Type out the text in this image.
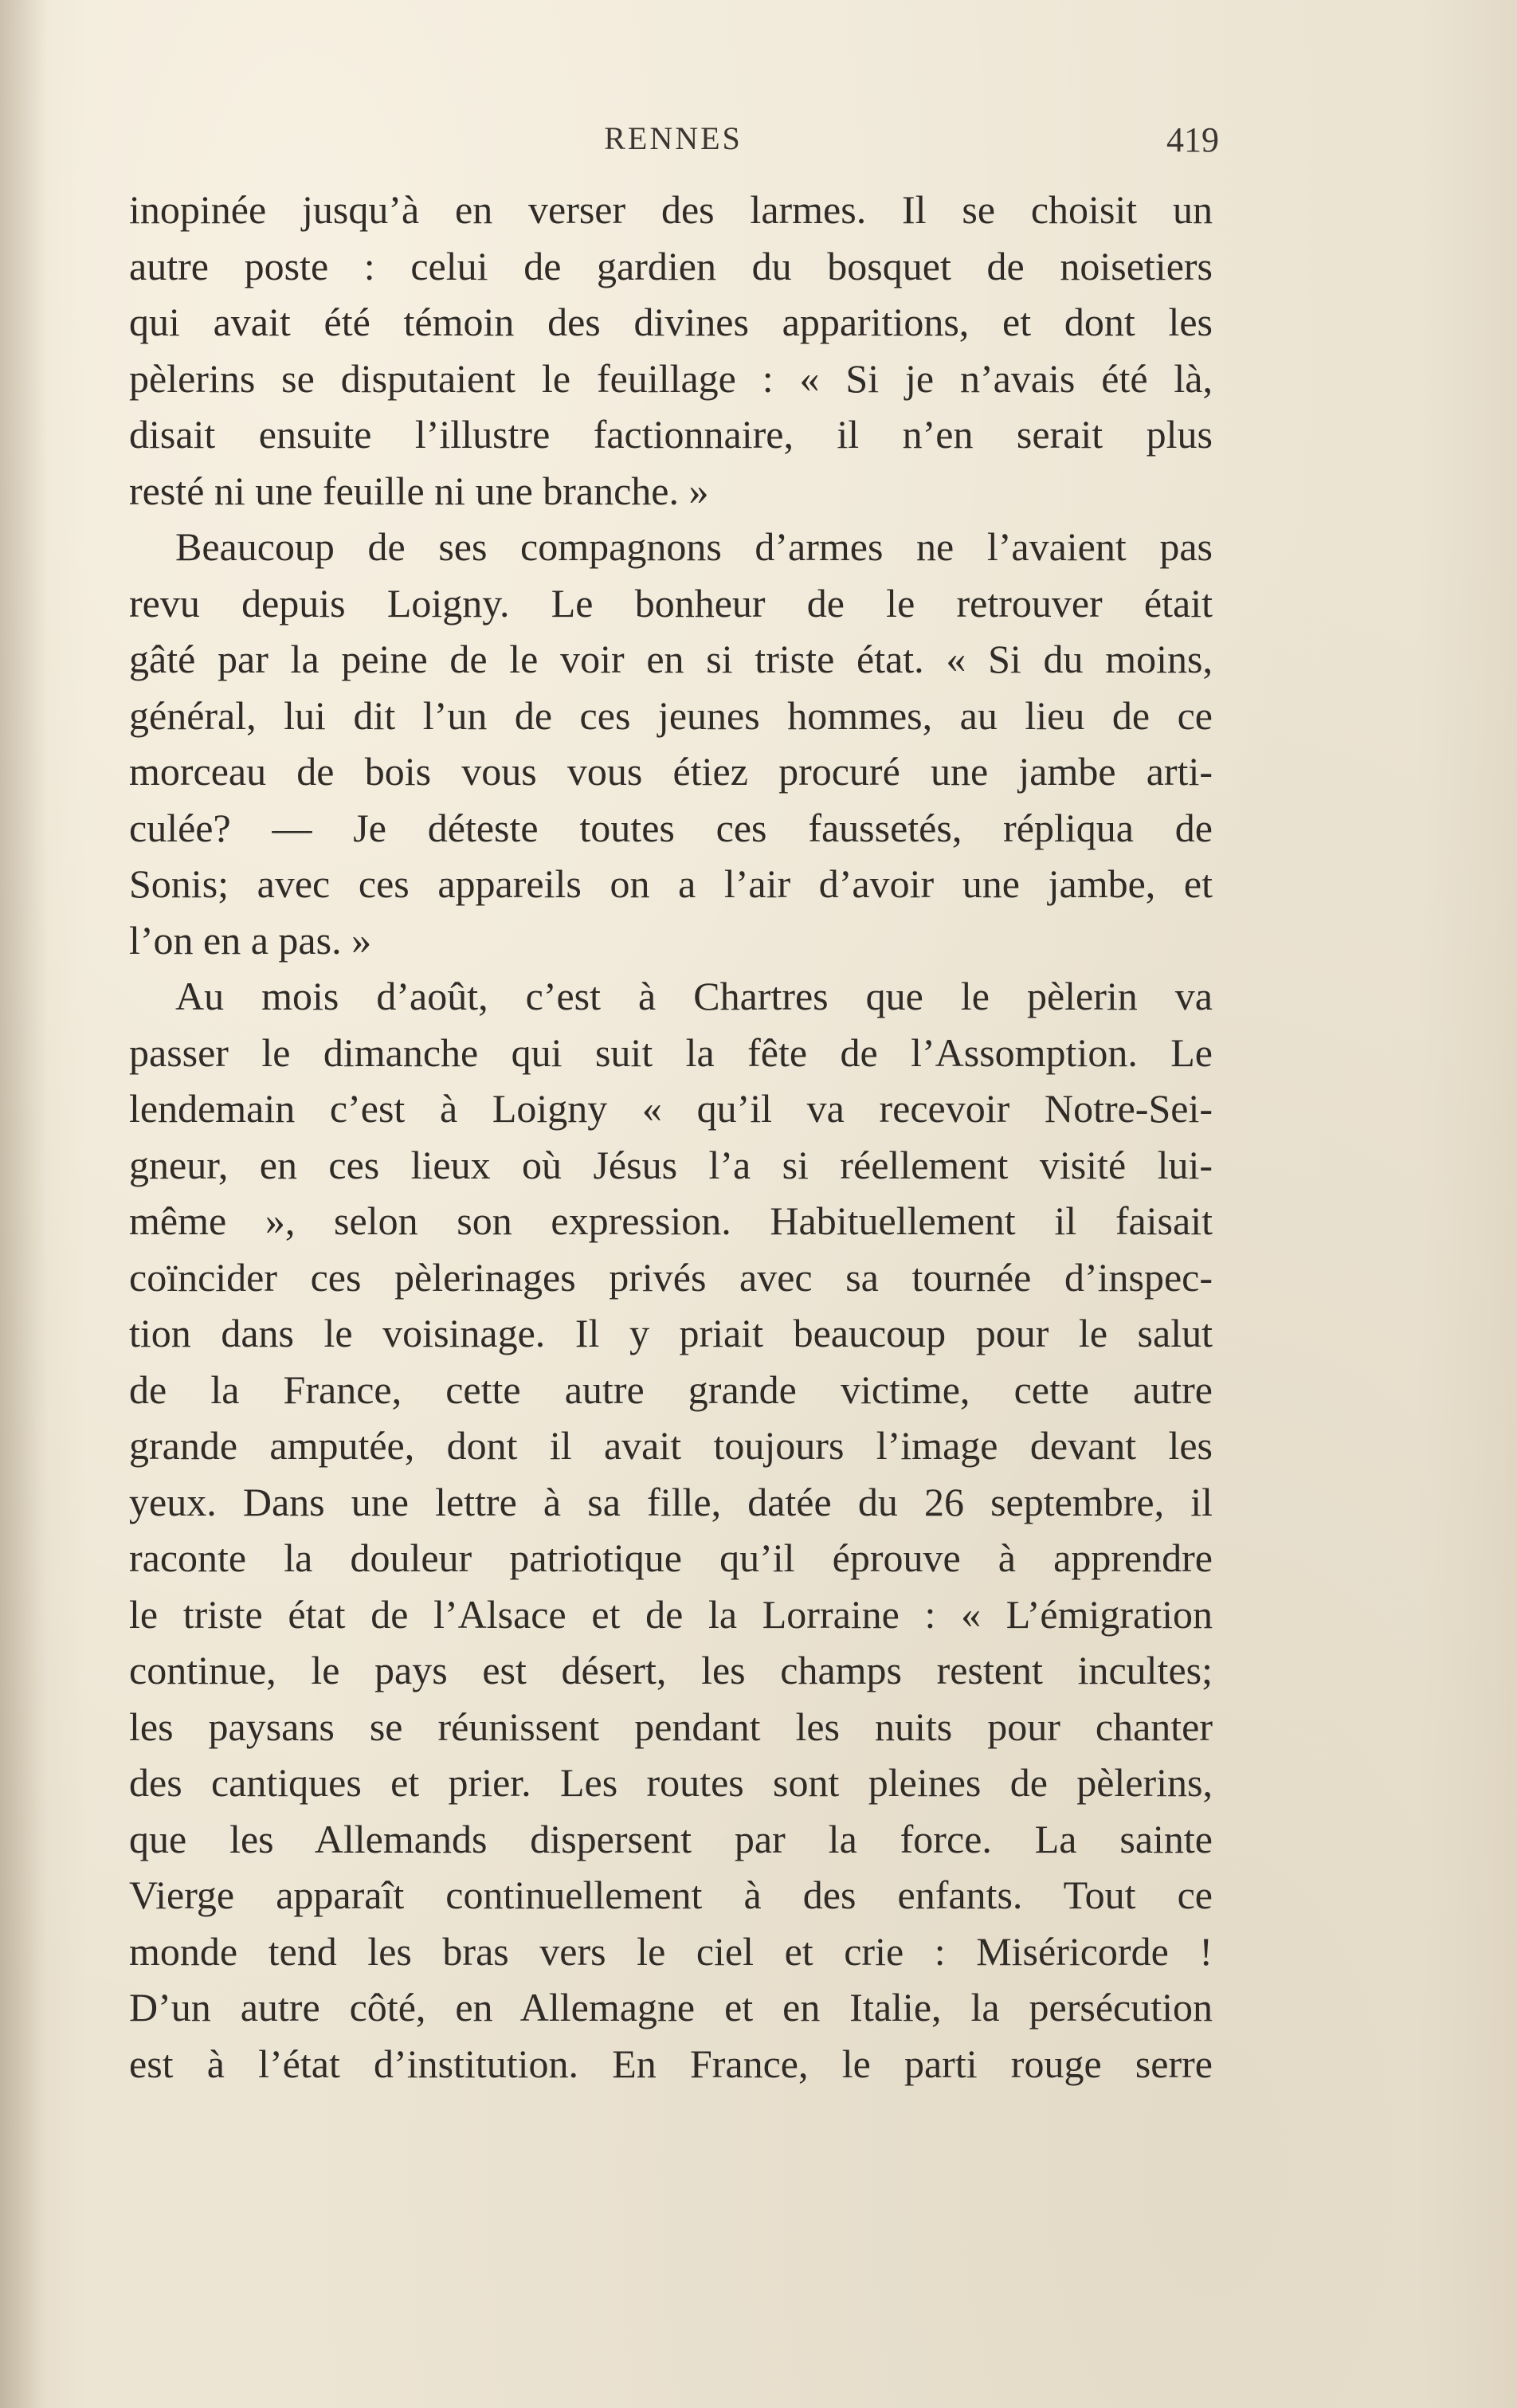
RENNES	419
inopinée jusqu’à en verser des larmes. Il se choisit un
autre poste : celui de gardien du bosquet de noisetiers
qui avait été témoin des divines apparitions, et dont les
pèlerins se disputaient le feuillage : « Si je n’avais été là,
disait ensuite l’illustre factionnaire, il n’en serait plus
resté ni une feuille ni une branche. »
Beaucoup de ses compagnons d’armes ne l’avaient pas
revu depuis Loigny. Le bonheur de le retrouver était
gâté par la peine de le voir en si triste état. « Si du moins,
général, lui dit l’un de ces jeunes hommes, au lieu de ce
morceau de bois vous vous étiez procuré une jambe arti-
culée? — Je déteste toutes ces faussetés, répliqua de
Sonis; avec ces appareils on a l’air d’avoir une jambe, et
l’on en a pas. »
Au mois d’août, c’est à Chartres que le pèlerin va
passer le dimanche qui suit la fête de l’Assomption. Le
lendemain c’est à Loigny « qu’il va recevoir Notre-Sei-
gneur, en ces lieux où Jésus l’a si réellement visité lui-
même », selon son expression. Habituellement il faisait
coïncider ces pèlerinages privés avec sa tournée d’inspec-
tion dans le voisinage. Il y priait beaucoup pour le salut
de la France, cette autre grande victime, cette autre
grande amputée, dont il avait toujours l’image devant les
yeux. Dans une lettre à sa fille, datée du 26 septembre, il
raconte la douleur patriotique qu’il éprouve à apprendre
le triste état de l’Alsace et de la Lorraine : « L’émigration
continue, le pays est désert, les champs restent incultes;
les paysans se réunissent pendant les nuits pour chanter
des cantiques et prier. Les routes sont pleines de pèlerins,
que les Allemands dispersent par la force. La sainte
Vierge apparaît continuellement à des enfants. Tout ce
monde tend les bras vers le ciel et crie : Miséricorde !
D’un autre côté, en Allemagne et en Italie, la persécution
est à l’état d’institution. En France, le parti rouge serre
